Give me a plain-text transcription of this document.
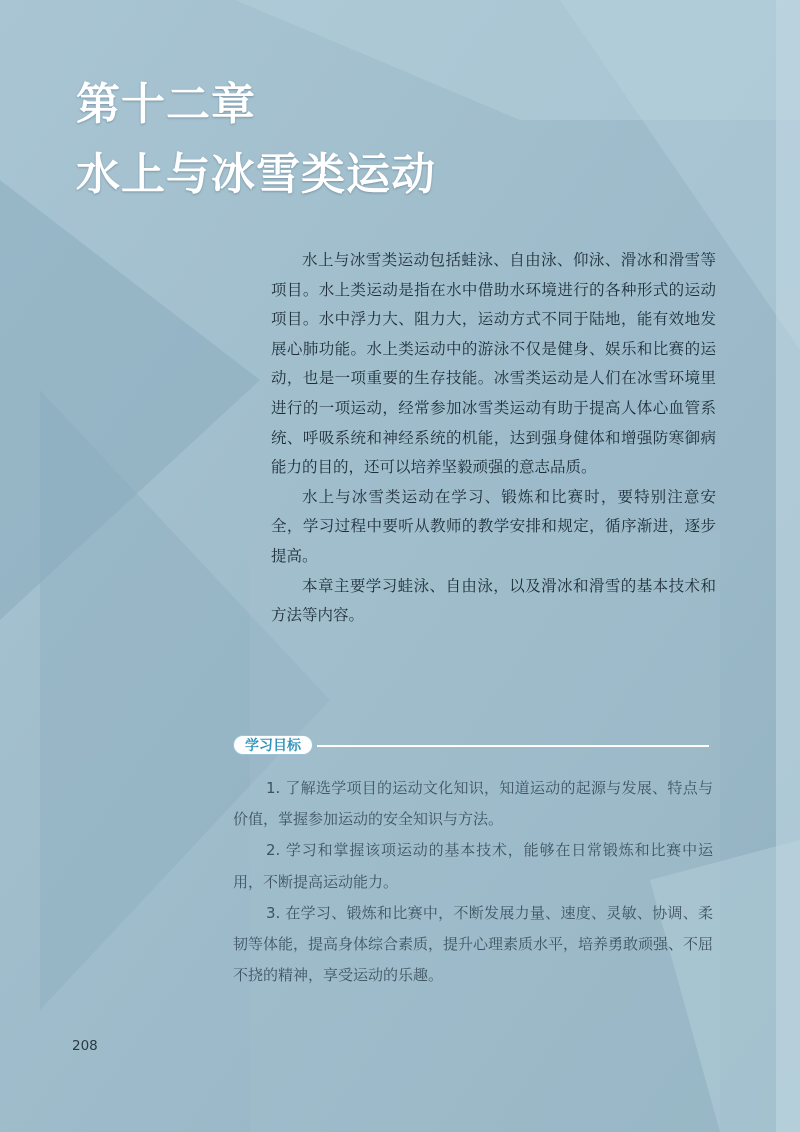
第十二章
水上与冰雪类运动

水上与冰雪类运动包括蛙泳、自由泳、仰泳、滑冰和滑雪等项目。水上类运动是指在水中借助水环境进行的各种形式的运动项目。水中浮力大、阻力大，运动方式不同于陆地，能有效地发展心肺功能。水上类运动中的游泳不仅是健身、娱乐和比赛的运动，也是一项重要的生存技能。冰雪类运动是人们在冰雪环境里进行的一项运动，经常参加冰雪类运动有助于提高人体心血管系统、呼吸系统和神经系统的机能，达到强身健体和增强防寒御病能力的目的，还可以培养坚毅顽强的意志品质。

水上与冰雪类运动在学习、锻炼和比赛时，要特别注意安全，学习过程中要听从教师的教学安排和规定，循序渐进，逐步提高。

本章主要学习蛙泳、自由泳，以及滑冰和滑雪的基本技术和方法等内容。

学习目标

1. 了解选学项目的运动文化知识，知道运动的起源与发展、特点与价值，掌握参加运动的安全知识与方法。

2. 学习和掌握该项运动的基本技术，能够在日常锻炼和比赛中运用，不断提高运动能力。

3. 在学习、锻炼和比赛中，不断发展力量、速度、灵敏、协调、柔韧等体能，提高身体综合素质，提升心理素质水平，培养勇敢顽强、不屈不挠的精神，享受运动的乐趣。

208
